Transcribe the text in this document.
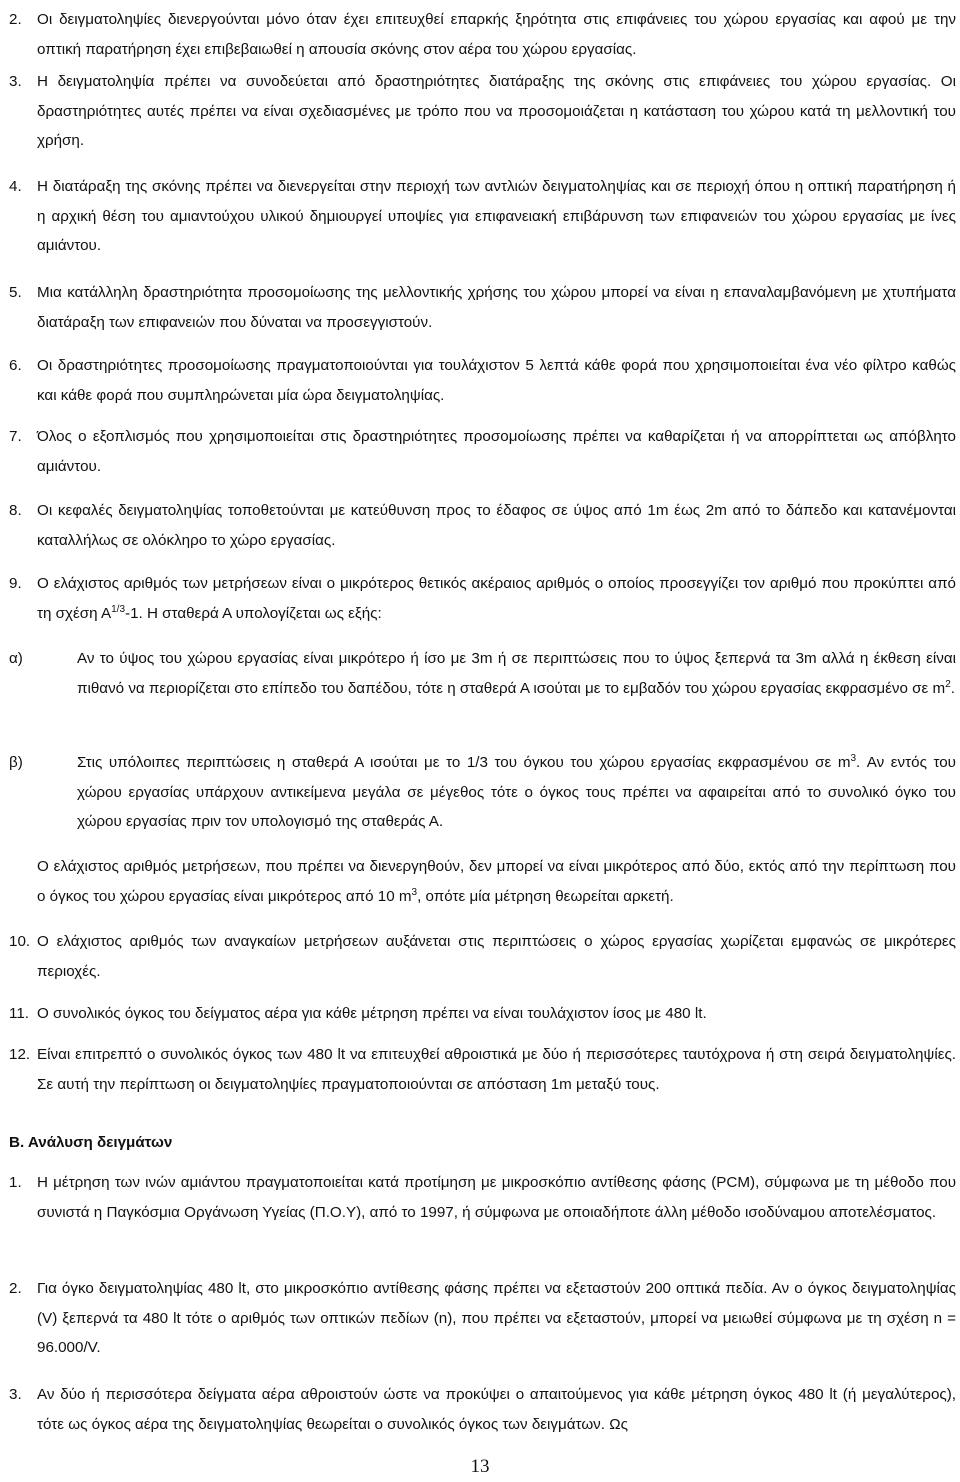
2. Οι δειγματοληψίες διενεργούνται μόνο όταν έχει επιτευχθεί επαρκής ξηρότητα στις επιφάνειες του χώρου εργασίας και αφού με την οπτική παρατήρηση έχει επιβεβαιωθεί η απουσία σκόνης στον αέρα του χώρου εργασίας.
3. Η δειγματοληψία πρέπει να συνοδεύεται από δραστηριότητες διατάραξης της σκόνης στις επιφάνειες του χώρου εργασίας. Οι δραστηριότητες αυτές πρέπει να είναι σχεδιασμένες με τρόπο που να προσομοιάζεται η κατάσταση του χώρου κατά τη μελλοντική του χρήση.
4. Η διατάραξη της σκόνης πρέπει να διενεργείται στην περιοχή των αντλιών δειγματοληψίας και σε περιοχή όπου η οπτική παρατήρηση ή η αρχική θέση του αμιαντούχου υλικού δημιουργεί υποψίες για επιφανειακή επιβάρυνση των επιφανειών του χώρου εργασίας με ίνες αμιάντου.
5. Μια κατάλληλη δραστηριότητα προσομοίωσης της μελλοντικής χρήσης του χώρου μπορεί να είναι η επαναλαμβανόμενη με χτυπήματα διατάραξη των επιφανειών που δύναται να προσεγγιστούν.
6. Οι δραστηριότητες προσομοίωσης πραγματοποιούνται για τουλάχιστον 5 λεπτά κάθε φορά που χρησιμοποιείται ένα νέο φίλτρο καθώς και κάθε φορά που συμπληρώνεται μία ώρα δειγματοληψίας.
7. Όλος ο εξοπλισμός που χρησιμοποιείται στις δραστηριότητες προσομοίωσης πρέπει να καθαρίζεται ή να απορρίπτεται ως απόβλητο αμιάντου.
8. Οι κεφαλές δειγματοληψίας τοποθετούνται με κατεύθυνση προς το έδαφος σε ύψος από 1m έως 2m από το δάπεδο και κατανέμονται καταλλήλως σε ολόκληρο το χώρο εργασίας.
9. Ο ελάχιστος αριθμός των μετρήσεων είναι ο μικρότερος θετικός ακέραιος αριθμός ο οποίος προσεγγίζει τον αριθμό που προκύπτει από τη σχέση $A^{1/3}-1$. Η σταθερά Α υπολογίζεται ως εξής:
α)	Αν το ύψος του χώρου εργασίας είναι μικρότερο ή ίσο με 3m ή σε περιπτώσεις που το ύψος ξεπερνά τα 3m αλλά η έκθεση είναι πιθανό να περιορίζεται στο επίπεδο του δαπέδου, τότε η σταθερά Α ισούται με το εμβαδόν του χώρου εργασίας εκφρασμένο σε $m^2$.
β)	Στις υπόλοιπες περιπτώσεις η σταθερά Α ισούται με το 1/3 του όγκου του χώρου εργασίας εκφρασμένου σε $m^3$. Αν εντός του χώρου εργασίας υπάρχουν αντικείμενα μεγάλα σε μέγεθος τότε ο όγκος τους πρέπει να αφαιρείται από το συνολικό όγκο του χώρου εργασίας πριν τον υπολογισμό της σταθεράς Α.
Ο ελάχιστος αριθμός μετρήσεων, που πρέπει να διενεργηθούν, δεν μπορεί να είναι μικρότερος από δύο, εκτός από την περίπτωση που ο όγκος του χώρου εργασίας είναι μικρότερος από 10 $m^3$, οπότε μία μέτρηση θεωρείται αρκετή.
10. Ο ελάχιστος αριθμός των αναγκαίων μετρήσεων αυξάνεται στις περιπτώσεις ο χώρος εργασίας χωρίζεται εμφανώς σε μικρότερες περιοχές.
11. Ο συνολικός όγκος του δείγματος αέρα για κάθε μέτρηση πρέπει να είναι τουλάχιστον ίσος με 480 lt.
12. Είναι επιτρεπτό ο συνολικός όγκος των 480 lt να επιτευχθεί αθροιστικά με δύο ή περισσότερες ταυτόχρονα ή στη σειρά δειγματοληψίες. Σε αυτή την περίπτωση οι δειγματοληψίες πραγματοποιούνται σε απόσταση 1m μεταξύ τους.
Β. Ανάλυση δειγμάτων
1. Η μέτρηση των ινών αμιάντου πραγματοποιείται κατά προτίμηση με μικροσκόπιο αντίθεσης φάσης (PCM), σύμφωνα με τη μέθοδο που συνιστά η Παγκόσμια Οργάνωση Υγείας (Π.Ο.Υ), από το 1997, ή σύμφωνα με οποιαδήποτε άλλη μέθοδο ισοδύναμου αποτελέσματος.
2. Για όγκο δειγματοληψίας 480 lt, στο μικροσκόπιο αντίθεσης φάσης πρέπει να εξεταστούν 200 οπτικά πεδία. Αν ο όγκος δειγματοληψίας (V) ξεπερνά τα 480 lt τότε ο αριθμός των οπτικών πεδίων (n), που πρέπει να εξεταστούν, μπορεί να μειωθεί σύμφωνα με τη σχέση n = 96.000/V.
3. Αν δύο ή περισσότερα δείγματα αέρα αθροιστούν ώστε να προκύψει ο απαιτούμενος για κάθε μέτρηση όγκος 480 lt (ή μεγαλύτερος), τότε ως όγκος αέρα της δειγματοληψίας θεωρείται ο συνολικός όγκος των δειγμάτων. Ως
13
